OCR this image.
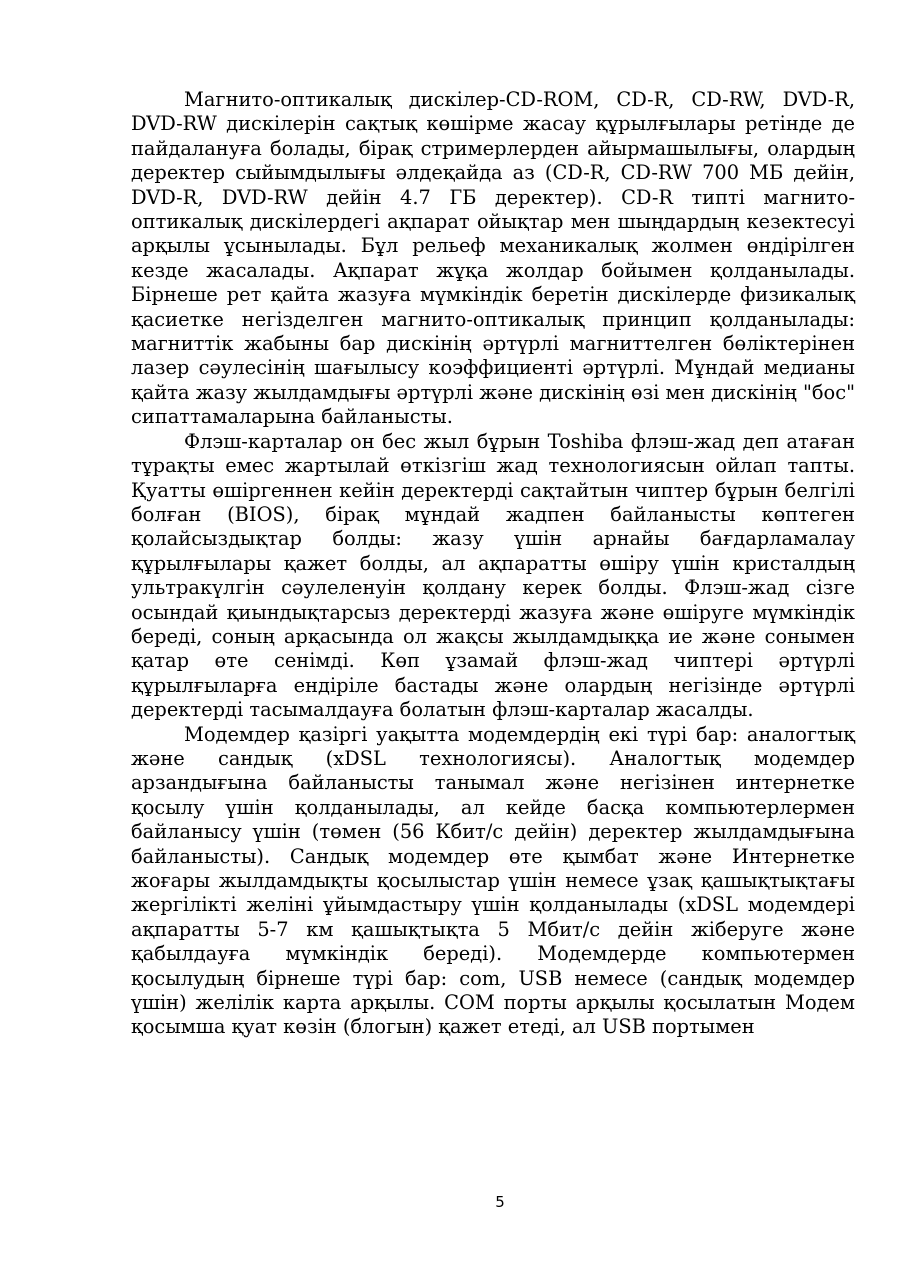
Магнито-оптикалық дискілер-CD-ROM, CD-R, CD-RW, DVD-R, DVD-RW дискілерін сақтық көшірме жасау құрылғылары ретінде де пайдалануға болады, бірақ стримерлерден айырмашылығы, олардың деректер сыйымдылығы әлдеқайда аз (CD-R, CD-RW 700 МБ дейін, DVD-R, DVD-RW дейін 4.7 ГБ деректер). CD-R типті магнито-оптикалық дискілердегі ақпарат ойықтар мен шыңдардың кезектесуі арқылы ұсынылады. Бұл рельеф механикалық жолмен өндірілген кезде жасалады. Ақпарат жұқа жолдар бойымен қолданылады. Бірнеше рет қайта жазуға мүмкіндік беретін дискілерде физикалық қасиетке негізделген магнито-оптикалық принцип қолданылады: магниттік жабыны бар дискінің әртүрлі магниттелген бөліктерінен лазер сәулесінің шағылысу коэффициенті әртүрлі. Мұндай медианы қайта жазу жылдамдығы әртүрлі және дискінің өзі мен дискінің "бос" сипаттамаларына байланысты.

Флэш-карталар он бес жыл бұрын Toshiba флэш-жад деп атаған тұрақты емес жартылай өткізгіш жад технологиясын ойлап тапты. Қуатты өшіргеннен кейін деректерді сақтайтын чиптер бұрын белгілі болған (BIOS), бірақ мұндай жадпен байланысты көптеген қолайсыздықтар болды: жазу үшін арнайы бағдарламалау құрылғылары қажет болды, ал ақпаратты өшіру үшін кристалдың ультракүлгін сәулеленуін қолдану керек болды. Флэш-жад сізге осындай қиындықтарсыз деректерді жазуға және өшіруге мүмкіндік береді, соның арқасында ол жақсы жылдамдыққа ие және сонымен қатар өте сенімді. Көп ұзамай флэш-жад чиптері әртүрлі құрылғыларға ендіріле бастады және олардың негізінде әртүрлі деректерді тасымалдауға болатын флэш-карталар жасалды.

Модемдер қазіргі уақытта модемдердің екі түрі бар: аналогтық және сандық (xDSL технологиясы). Аналогтық модемдер арзандығына байланысты танымал және негізінен интернетке қосылу үшін қолданылады, ал кейде басқа компьютерлермен байланысу үшін (төмен (56 Кбит/с дейін) деректер жылдамдығына байланысты). Сандық модемдер өте қымбат және Интернетке жоғары жылдамдықты қосылыстар үшін немесе ұзақ қашықтықтағы жергілікті желіні ұйымдастыру үшін қолданылады (xDSL модемдері ақпаратты 5-7 км қашықтықта 5 Мбит/с дейін жіберуге және қабылдауға мүмкіндік береді). Модемдерде компьютермен қосылудың бірнеше түрі бар: com, USB немесе (сандық модемдер үшін) желілік карта арқылы. COM порты арқылы қосылатын Модем қосымша қуат көзін (блогын) қажет етеді, ал USB портымен

5
